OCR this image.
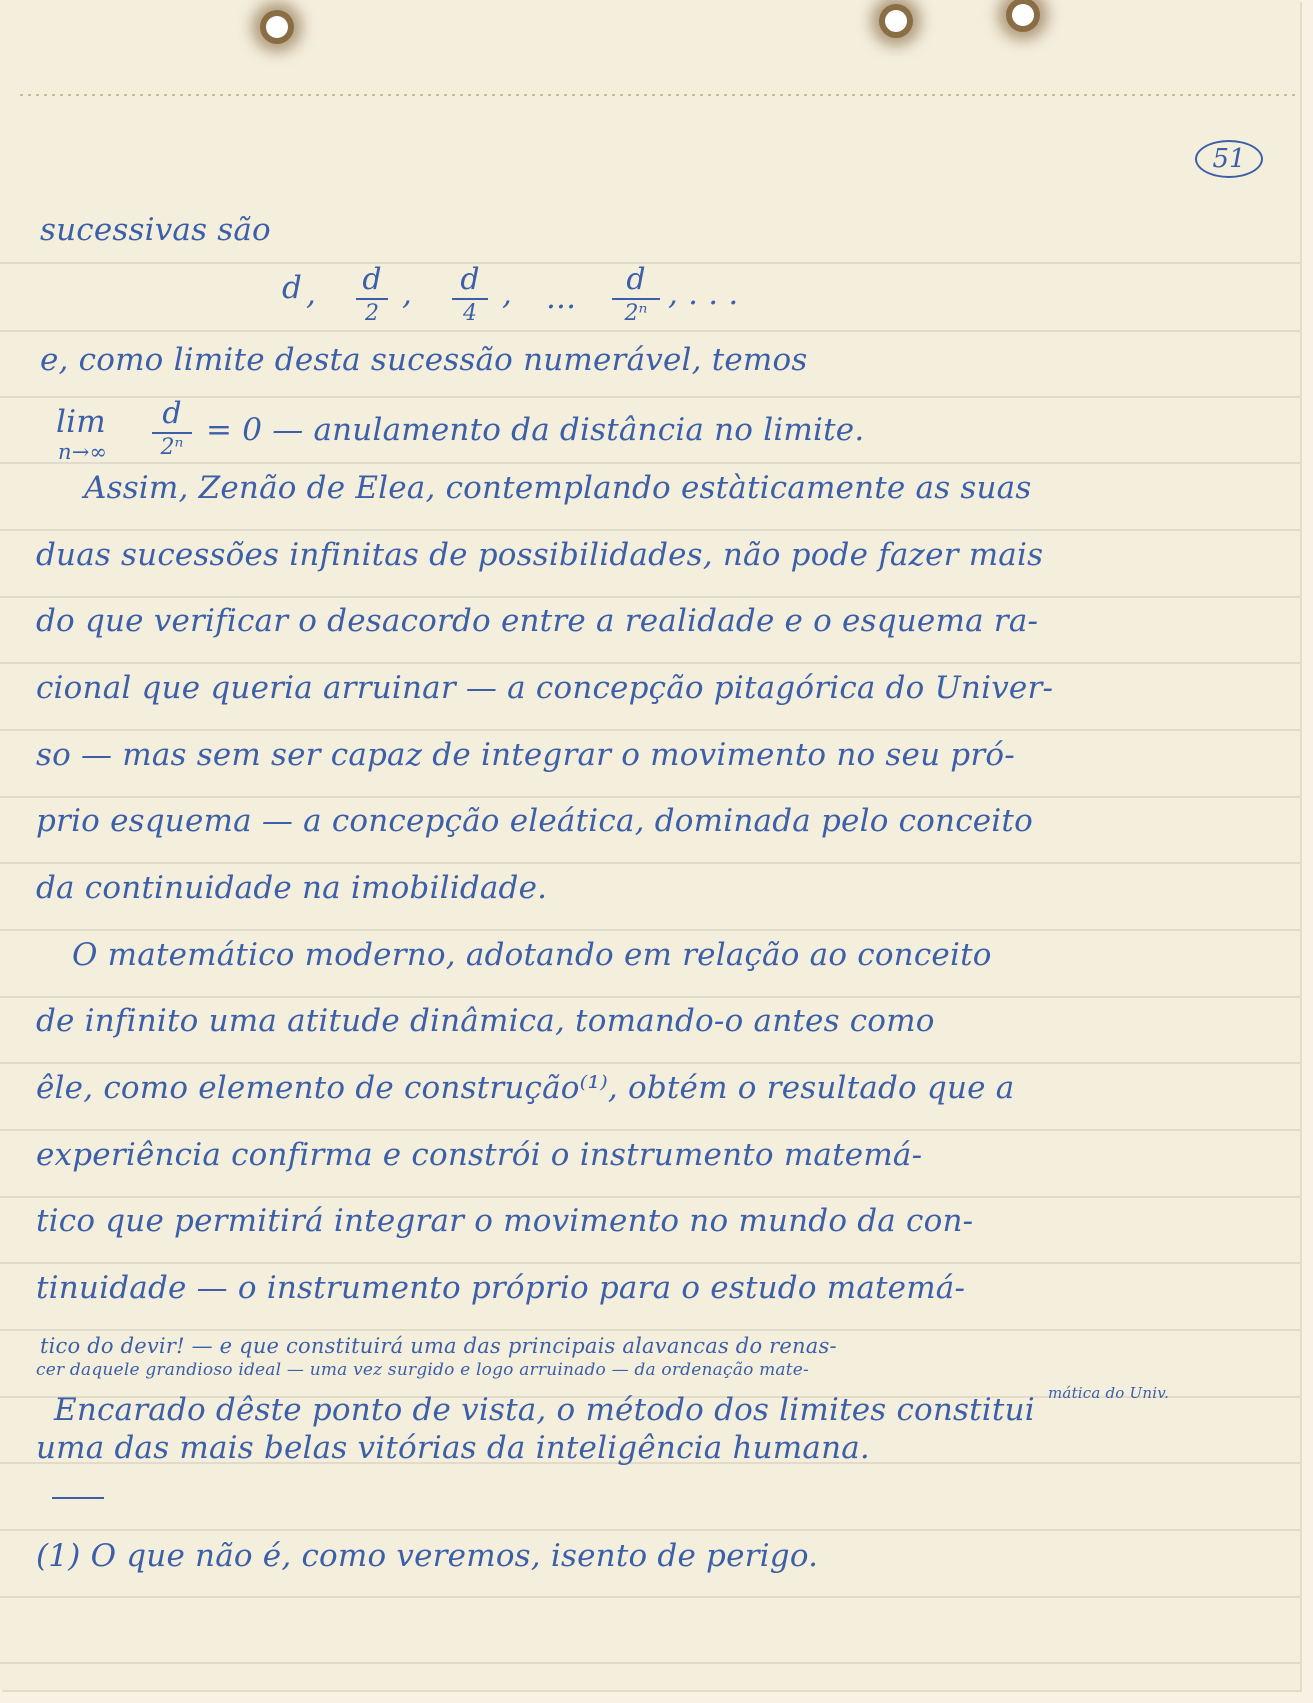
51
sucessivas são
d , d
2
, d
4
, ...
d
2ⁿ
, . . .
e, como limite desta sucessão numerável, temos
lim
n→∞
d
2ⁿ = 0 — anulamento da distância no limite.
Assim, Zenão de Elea, contemplando estàticamente as suas
duas sucessões infinitas de possibilidades, não pode fazer mais
do que verificar o desacordo entre a realidade e o esquema ra-
cional que queria arruinar — a concepção pitagórica do Univer-
so — mas sem ser capaz de integrar o movimento no seu pró-
prio esquema — a concepção eleática, dominada pelo conceito
da continuidade na imobilidade.
O matemático moderno, adotando em relação ao conceito
de infinito uma atitude dinâmica, tomando-o antes como
êle, como elemento de construção⁽¹⁾, obtém o resultado que a
experiência confirma e constrói o instrumento matemá-
tico que permitirá integrar o movimento no mundo da con-
tinuidade — o instrumento próprio para o estudo matemá-
tico do devir! — e que constituirá uma das principais alavancas do renas-
cer daquele grandioso ideal — uma vez surgido e logo arruinado — da ordenação mate-
mática do Univ.
Encarado dêste ponto de vista, o método dos limites constitui
uma das mais belas vitórias da inteligência humana.
(1) O que não é, como veremos, isento de perigo.
